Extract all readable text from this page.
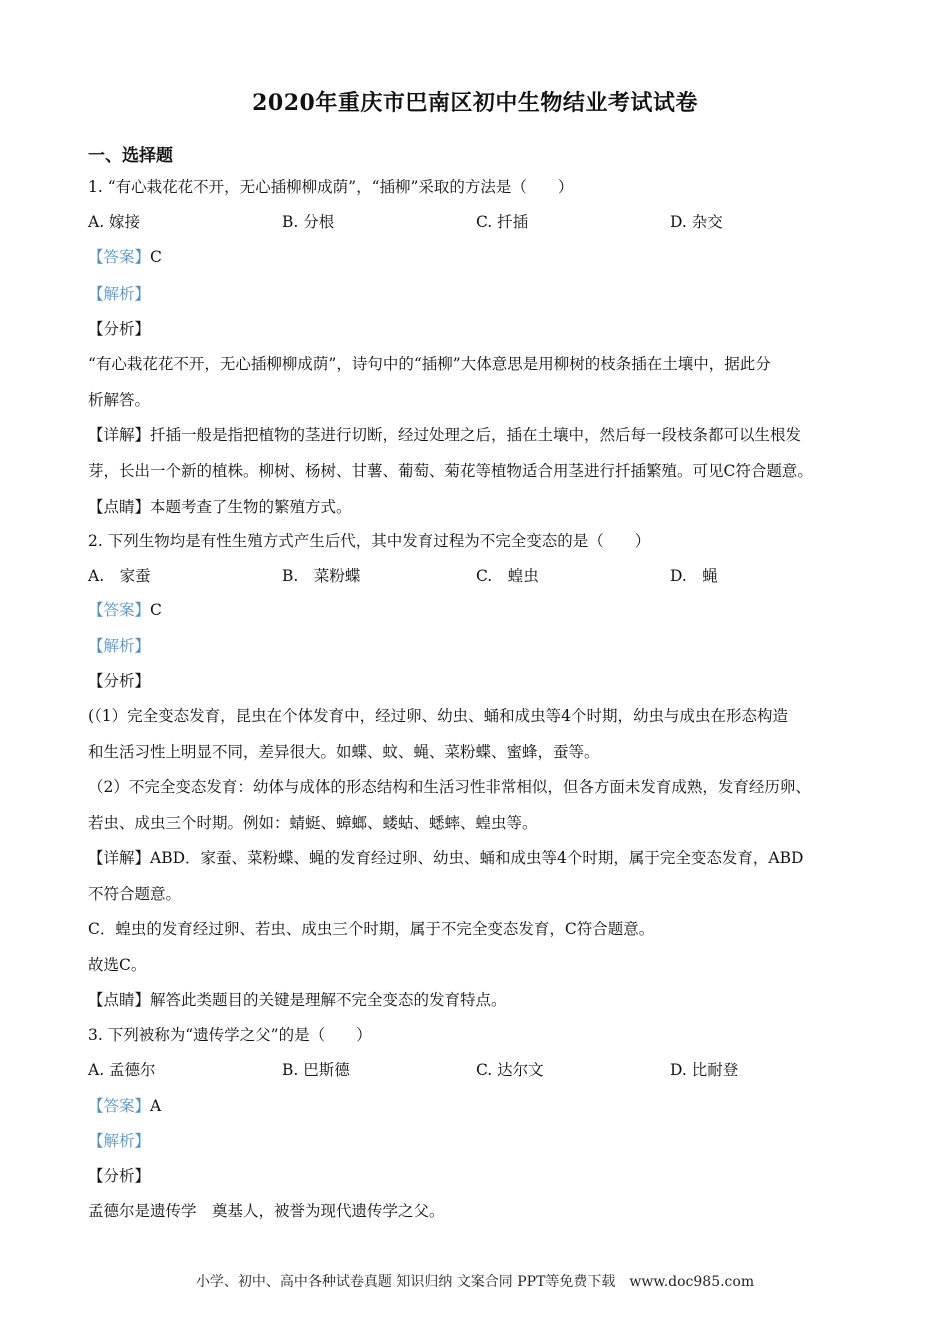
2020年重庆市巴南区初中生物结业考试试卷
一、选择题
1. “有心栽花花不开，无心插柳柳成荫”，“插柳”采取的方法是（　　）
A. 嫁接	B. 分根	C. 扦插	D. 杂交
【答案】C
【解析】
【分析】
“有心栽花花不开，无心插柳柳成荫”，诗句中的“插柳”大体意思是用柳树的枝条插在土壤中，据此分
析解答。
【详解】扦插一般是指把植物的茎进行切断，经过处理之后，插在土壤中，然后每一段枝条都可以生根发
芽，长出一个新的植株。柳树、杨树、甘薯、葡萄、菊花等植物适合用茎进行扦插繁殖。可见C符合题意。
【点睛】本题考查了生物的繁殖方式。
2. 下列生物均是有性生殖方式产生后代，其中发育过程为不完全变态的是（　　）
A.　家蚕	B.　菜粉蝶	C.　蝗虫	D.　蝇
【答案】C
【解析】
【分析】
(（1）完全变态发育，昆虫在个体发育中，经过卵、幼虫、蛹和成虫等4个时期，幼虫与成虫在形态构造
和生活习性上明显不同，差异很大。如蝶、蚊、蝇、菜粉蝶、蜜蜂，蚕等。
（2）不完全变态发育：幼体与成体的形态结构和生活习性非常相似，但各方面未发育成熟，发育经历卵、
若虫、成虫三个时期。例如：蜻蜓、蟑螂、蝼蛄、蟋蟀、蝗虫等。
【详解】ABD．家蚕、菜粉蝶、蝇的发育经过卵、幼虫、蛹和成虫等4个时期，属于完全变态发育，ABD
不符合题意。
C．蝗虫的发育经过卵、若虫、成虫三个时期，属于不完全变态发育，C符合题意。
故选C。
【点睛】解答此类题目的关键是理解不完全变态的发育特点。
3. 下列被称为“遗传学之父”的是（　　）
A. 孟德尔	B. 巴斯德	C. 达尔文	D. 比耐登
【答案】A
【解析】
【分析】
孟德尔是遗传学　奠基人，被誉为现代遗传学之父。
小学、初中、高中各种试卷真题 知识归纳 文案合同 PPT等免费下载　www.doc985.com
